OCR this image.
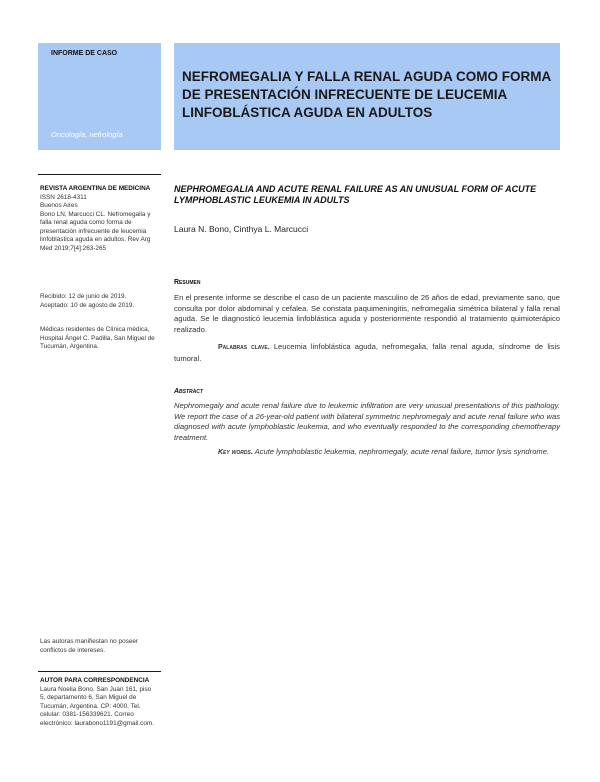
INFORME DE CASO
Oncología, nefrología
NEFROMEGALIA Y FALLA RENAL AGUDA COMO FORMA DE PRESENTACIÓN INFRECUENTE DE LEUCEMIA LINFOBLÁSTICA AGUDA EN ADULTOS
REVISTA ARGENTINA DE MEDICINA
ISSN 2618-4311
Buenos Aires
Bono LN, Marcucci CL. Nefromegalia y falla renal aguda como forma de presentación infrecuente de leucemia linfoblástica aguda en adultos. Rev Arg Med 2019;7[4]:263-265
Recibido: 12 de junio de 2019.
Aceptado: 10 de agosto de 2019.
Médicas residentes de Clínica médica, Hospital Ángel C. Padilla, San Miguel de Tucumán, Argentina.
Las autoras manifiestan no poseer conflictos de intereses.
AUTOR PARA CORRESPONDENCIA
Laura Noelia Bono. San Juan 161, piso 5, departamento 6, San Miguel de Tucumán, Argentina. CP: 4000. Tel. celular: 0381-156339621. Correo electrónico: laurabono1191@gmail.com.
NEPHROMEGALIA AND ACUTE RENAL FAILURE AS AN UNUSUAL FORM OF ACUTE LYMPHOBLASTIC LEUKEMIA IN ADULTS
Laura N. Bono, Cinthya L. Marcucci
Resumen
En el presente informe se describe el caso de un paciente masculino de 26 años de edad, previamente sano, que consulta por dolor abdominal y cefalea. Se constata paquimeningitis, nefromegalia simétrica bilateral y falla renal aguda. Se le diagnosticó leucemia linfoblástica aguda y posteriormente respondió al tratamiento quimioterápico realizado.
Palabras clave. Leucemia linfoblástica aguda, nefromegalia, falla renal aguda, síndrome de lisis tumoral.
Abstract
Nephromegaly and acute renal failure due to leukemic infiltration are very unusual presentations of this pathology. We report the case of a 26-year-old patient with bilateral symmetric nephromegaly and acute renal failure who was diagnosed with acute lymphoblastic leukemia, and who eventually responded to the corresponding chemotherapy treatment.
Key words. Acute lymphoblastic leukemia, nephromegaly, acute renal failure, tumor lysis syndrome.
